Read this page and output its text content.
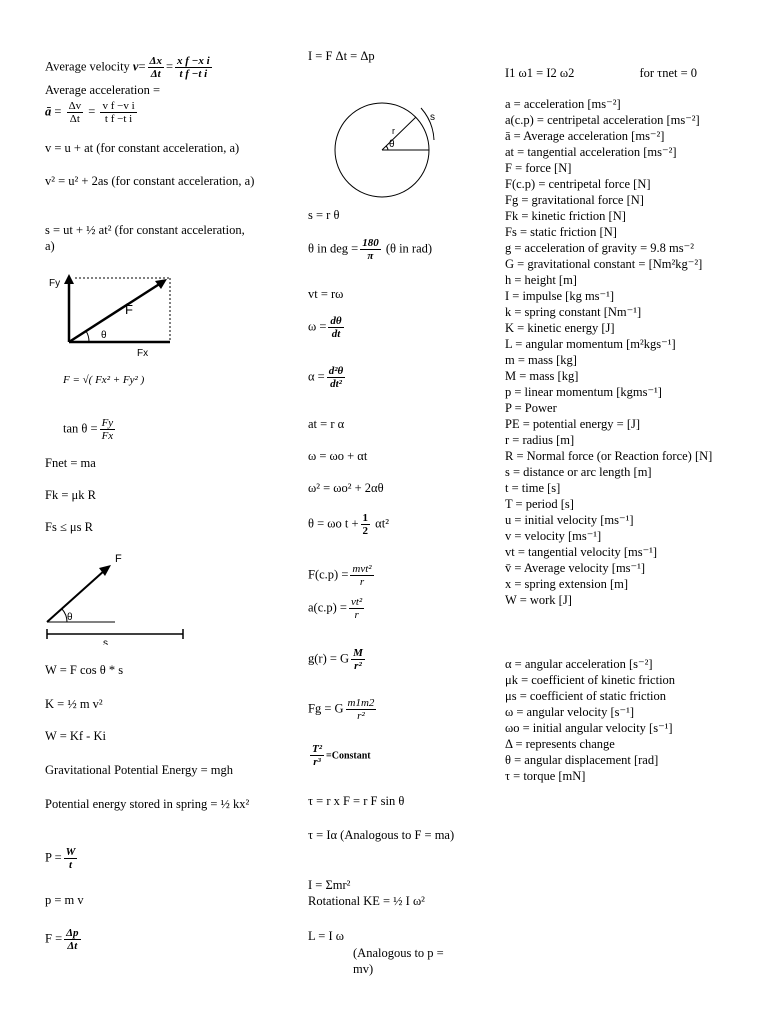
Average velocity $v= \frac{\Delta x}{\Delta t} = \frac{\text{x f −x i}}{\text{t f −t i}}$
Average acceleration =
ā = $\frac{\Delta v}{\Delta t} = \frac{\text{v f −v i}}{\text{t f −t i}}$
v = u + at (for constant acceleration, a)
v² = u² + 2as (for constant acceleration, a)
s = ut + ½ at² (for constant acceleration, a)
Fy
Fx
F
θ
F = √( Fx² + Fy² )
$\tan \theta = \frac{Fy}{Fx}$
Fnet = ma
Fk = μk R
Fs ≤ μs R
F
θ
s
W = F cos θ * s
K = ½ m v²
W = Kf - Ki
Gravitational Potential Energy = mgh
Potential energy stored in spring = ½ kx²
$P = \frac{W}{t}$
p = m v
$F = \frac{\Delta p}{\Delta t}$
I = F Δt = Δp
r
θ
s
s = r θ
θ in deg = $\frac{180}{\pi} (\theta$ in rad)
vt = rω
$\omega = \frac{d\theta}{dt}$
$\alpha = \frac{\text{d²θ}}{\text{dt²}}$
at = r α
ω = ωo + αt
ω² = ωo² + 2αθ
θ = ωo $t + \frac{1}{2} \alpha t^2$
$F(c.p) = \frac{\text{mvt²}}{r}$
$a(c.p) = \frac{\text{vt²}}{r}$
g(r) = G $\frac{M}{\text{r²}}$
Fg = G $\frac{m1m2}{\text{r²}}$
$\frac{\text{T²}}{\text{r³}}$ =Constant
τ = r x F = r F sin θ
τ = Iα (Analogous to F = ma)
I = Σmr²
Rotational KE = ½ I ω²
L = I ω
(Analogous to p = mv)
I1 ω1 = I2 ω2	for τnet = 0
a = acceleration [ms⁻²]
a(c.p) = centripetal acceleration [ms⁻²]
ā = Average acceleration [ms⁻²]
at = tangential acceleration [ms⁻²]
F = force [N]
F(c.p) = centripetal force [N]
Fg = gravitational force [N]
Fk = kinetic friction [N]
Fs = static friction [N]
g = acceleration of gravity = 9.8 ms⁻²
G = gravitational constant = [Nm²kg⁻²]
h = height [m]
I = impulse [kg ms⁻¹]
k = spring constant [Nm⁻¹]
K = kinetic energy [J]
L = angular momentum [m²kgs⁻¹]
m = mass [kg]
M = mass [kg]
p = linear momentum [kgms⁻¹]
P = Power
PE = potential energy = [J]
r = radius [m]
R = Normal force (or Reaction force) [N]
s = distance or arc length [m]
t = time [s]
T = period [s]
u = initial velocity [ms⁻¹]
v = velocity [ms⁻¹]
vt = tangential velocity [ms⁻¹]
v̄ = Average velocity [ms⁻¹]
x = spring extension [m]
W = work [J]
α = angular acceleration [s⁻²]
μk = coefficient of kinetic friction
μs = coefficient of static friction
ω = angular velocity [s⁻¹]
ωo = initial angular velocity [s⁻¹]
Δ = represents change
θ = angular displacement [rad]
τ = torque [mN]
